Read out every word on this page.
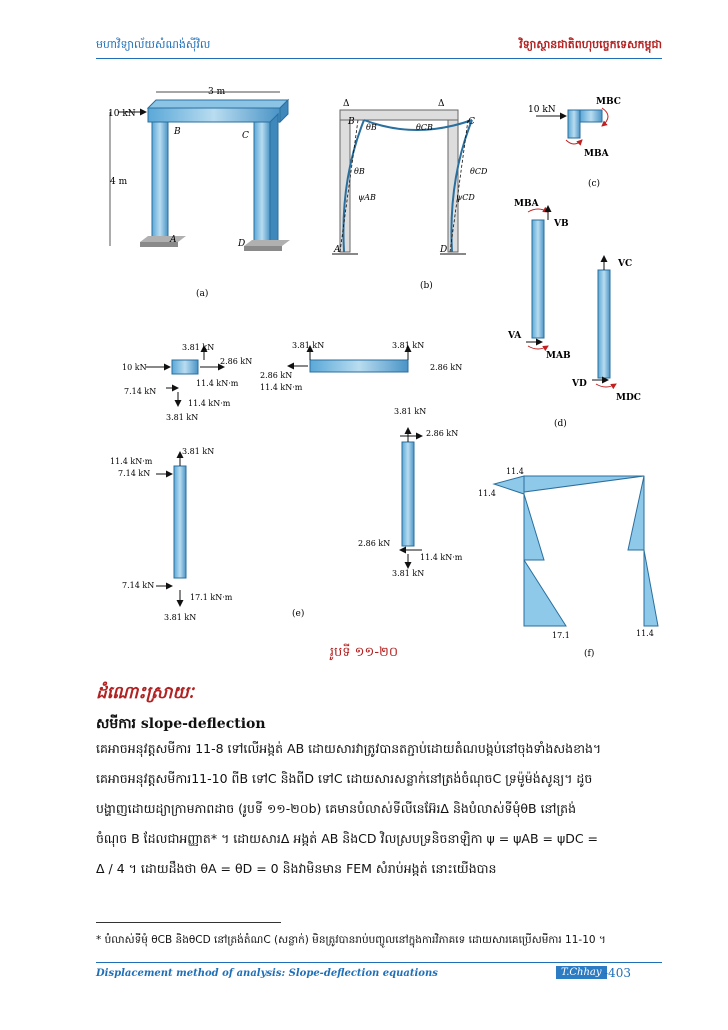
មហាវិទ្យាល័យសំណង់ស៊ីវិល	វិទ្យាស្ថានជាតិពហុបច្ចេកទេសកម្ពុជា
10 kN
3 m
4 m
B	C
A	D
(a)
Δ	Δ
B	C
A	D
θB	θCB
θB	θCD
ψAB	ψCD
(b)
10 kN
MBC
MBA
(c)
MBA
VB
VC
VA
MAB
VD
MDC
(d)
3.81 kN
2.86 kN
10 kN
11.4 kN·m
7.14 kN
11.4 kN·m
3.81 kN
3.81 kN	3.81 kN
2.86 kN
11.4 kN·m
2.86 kN
3.81 kN
11.4 kN·m
7.14 kN
7.14 kN
17.1 kN·m
3.81 kN
3.81 kN
2.86 kN
2.86 kN
11.4 kN·m
3.81 kN
(e)
11.4
11.4
17.1	11.4
(f)
រូបទី ១១-២០
ដំណោះស្រាយៈ
សមីការ slope-deflection
គេអាចអនុវត្តសមីការ 11-8 ទៅលើអង្កត់ AB ដោយសារវាត្រូវបានតភ្ជាប់ដោយតំណបង្កប់នៅចុងទាំងសងខាង។
គេអាចអនុវត្តសមីការ11-10 ពីB ទៅC និងពីD ទៅC ដោយសារសន្លាក់នៅត្រង់ចំណុចC ទ្រម៉ូម៉ង់សូន្យ។ ដូច
បង្ហាញដោយដ្យាក្រាមភាពដាច (រូបទី ១១-២០b) គេមានបំលាស់ទីលីនេអ៊ែរΔ និងបំលាស់ទីមុំθB នៅត្រង់
ចំណុច B ដែលជាអញ្ញាត* ។ ដោយសារΔ អង្កត់ AB និងCD វិលស្របទ្រនិចនាឡិកា ψ = ψAB = ψDC =
Δ / 4 ។ ដោយដឹងថា θA = θD = 0 និងវាមិនមាន FEM សំរាប់អង្កត់ នោះយើងបាន
* បំលាស់ទីមុំ θCB និងθCD នៅត្រង់តំណC (សន្លាក់) មិនត្រូវបានរាប់បញ្ចូលនៅក្នុងការវិភាគទេ ដោយសារគេប្រើសមីការ 11-10 ។
Displacement method of analysis: Slope-deflection equations	T.Chhay -403
